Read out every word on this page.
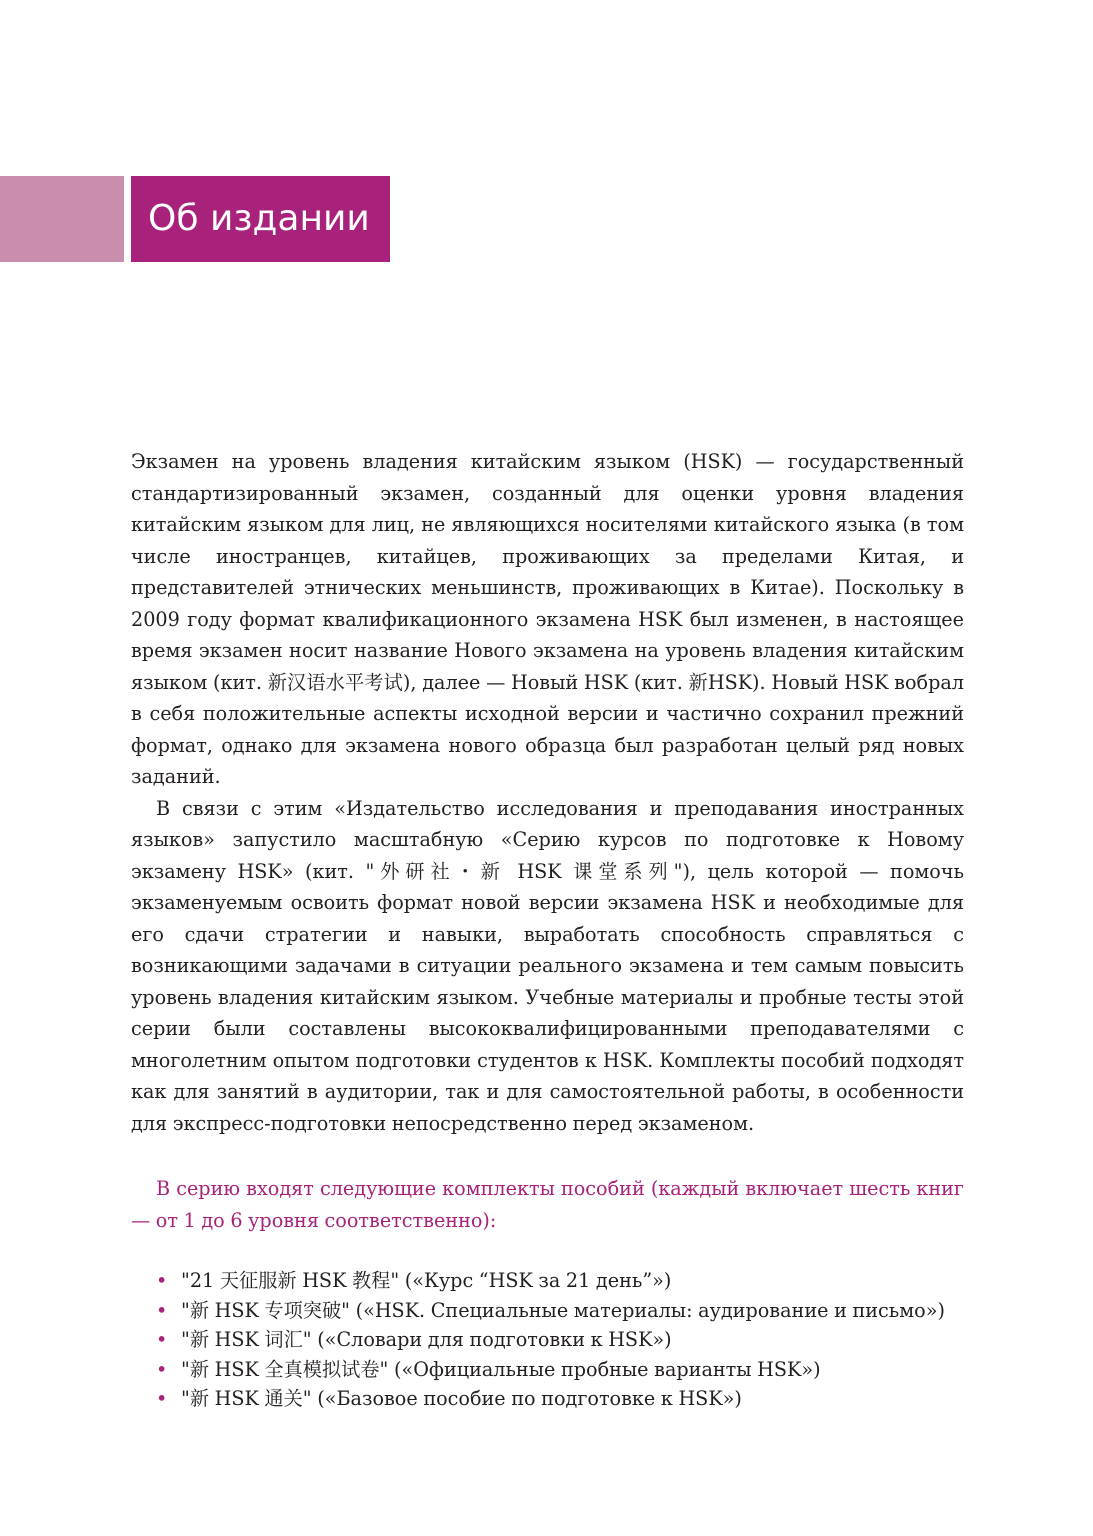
Об издании

Экзамен на уровень владения китайским языком (HSK) — государственный стандартизированный экзамен, созданный для оценки уровня владения китайским языком для лиц, не являющихся носителями китайского языка (в том числе иностранцев, китайцев, проживающих за пределами Китая, и представителей этнических меньшинств, проживающих в Китае). Поскольку в 2009 году формат квалификационного экзамена HSK был изменен, в настоящее время экзамен носит название Нового экзамена на уровень владения китайским языком (кит. 新汉语水平考试), далее — Новый HSK (кит. 新HSK). Новый HSK вобрал в себя положительные аспекты исходной версии и частично сохранил прежний формат, однако для экзамена нового образца был разработан целый ряд новых заданий.

В связи с этим «Издательство исследования и преподавания иностранных языков» запустило масштабную «Серию курсов по подготовке к Новому экзамену HSK» (кит. "外研社・新 HSK 课堂系列"), цель которой — помочь экзаменуемым освоить формат новой версии экзамена HSK и необходимые для его сдачи стратегии и навыки, выработать способность справляться с возникающими задачами в ситуации реального экзамена и тем самым повысить уровень владения китайским языком. Учебные материалы и пробные тесты этой серии были составлены высококвалифицированными преподавателями с многолетним опытом подготовки студентов к HSK. Комплекты пособий подходят как для занятий в аудитории, так и для самостоятельной работы, в особенности для экспресс-подготовки непосредственно перед экзаменом.

В серию входят следующие комплекты пособий (каждый включает шесть книг — от 1 до 6 уровня соответственно):

• "21 天征服新 HSK 教程" («Курс “HSK за 21 день”»)
• "新 HSK 专项突破" («HSK. Специальные материалы: аудирование и письмо»)
• "新 HSK 词汇" («Словари для подготовки к HSK»)
• "新 HSK 全真模拟试卷" («Официальные пробные варианты HSK»)
• "新 HSK 通关" («Базовое пособие по подготовке к HSK»)
